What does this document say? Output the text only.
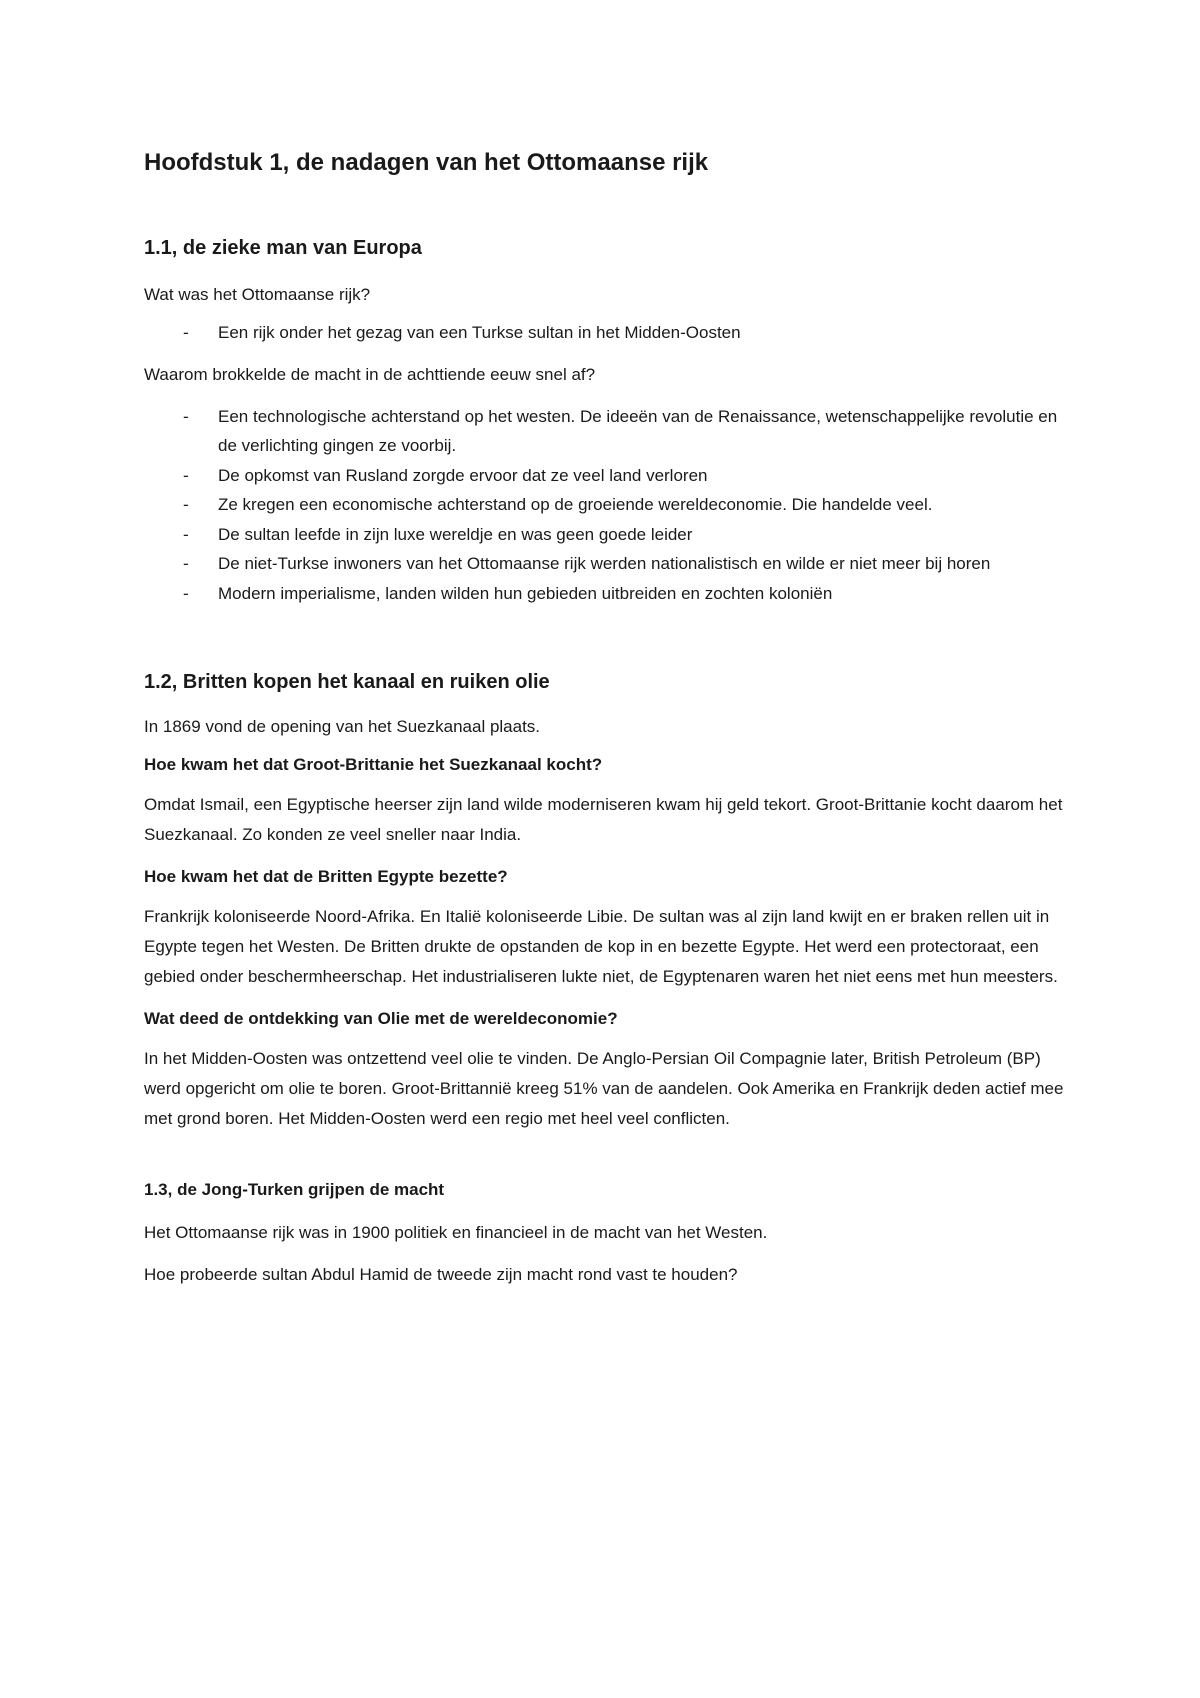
Hoofdstuk 1, de nadagen van het Ottomaanse rijk
1.1, de zieke man van Europa

Wat was het Ottomaanse rijk?

- Een rijk onder het gezag van een Turkse sultan in het Midden-Oosten

Waarom brokkelde de macht in de achttiende eeuw snel af?

- Een technologische achterstand op het westen. De ideeën van de Renaissance, wetenschappelijke revolutie en de verlichting gingen ze voorbij.
- De opkomst van Rusland zorgde ervoor dat ze veel land verloren
- Ze kregen een economische achterstand op de groeiende wereldeconomie. Die handelde veel.
- De sultan leefde in zijn luxe wereldje en was geen goede leider
- De niet-Turkse inwoners van het Ottomaanse rijk werden nationalistisch en wilde er niet meer bij horen
- Modern imperialisme, landen wilden hun gebieden uitbreiden en zochten koloniën
1.2, Britten kopen het kanaal en ruiken olie

In 1869 vond de opening van het Suezkanaal plaats.

Hoe kwam het dat Groot-Brittanie het Suezkanaal kocht?

Omdat Ismail, een Egyptische heerser zijn land wilde moderniseren kwam hij geld tekort. Groot-Brittanie kocht daarom het Suezkanaal. Zo konden ze veel sneller naar India.

Hoe kwam het dat de Britten Egypte bezette?

Frankrijk koloniseerde Noord-Afrika. En Italië koloniseerde Libie. De sultan was al zijn land kwijt en er braken rellen uit in Egypte tegen het Westen. De Britten drukte de opstanden de kop in en bezette Egypte. Het werd een protectoraat, een gebied onder beschermheerschap. Het industrialiseren lukte niet, de Egyptenaren waren het niet eens met hun meesters.

Wat deed de ontdekking van Olie met de wereldeconomie?

In het Midden-Oosten was ontzettend veel olie te vinden. De Anglo-Persian Oil Compagnie later, British Petroleum (BP) werd opgericht om olie te boren. Groot-Brittannië kreeg 51% van de aandelen. Ook Amerika en Frankrijk deden actief mee met grond boren. Het Midden-Oosten werd een regio met heel veel conflicten.

1.3, de Jong-Turken grijpen de macht

Het Ottomaanse rijk was in 1900 politiek en financieel in de macht van het Westen.

Hoe probeerde sultan Abdul Hamid de tweede zijn macht rond vast te houden?
